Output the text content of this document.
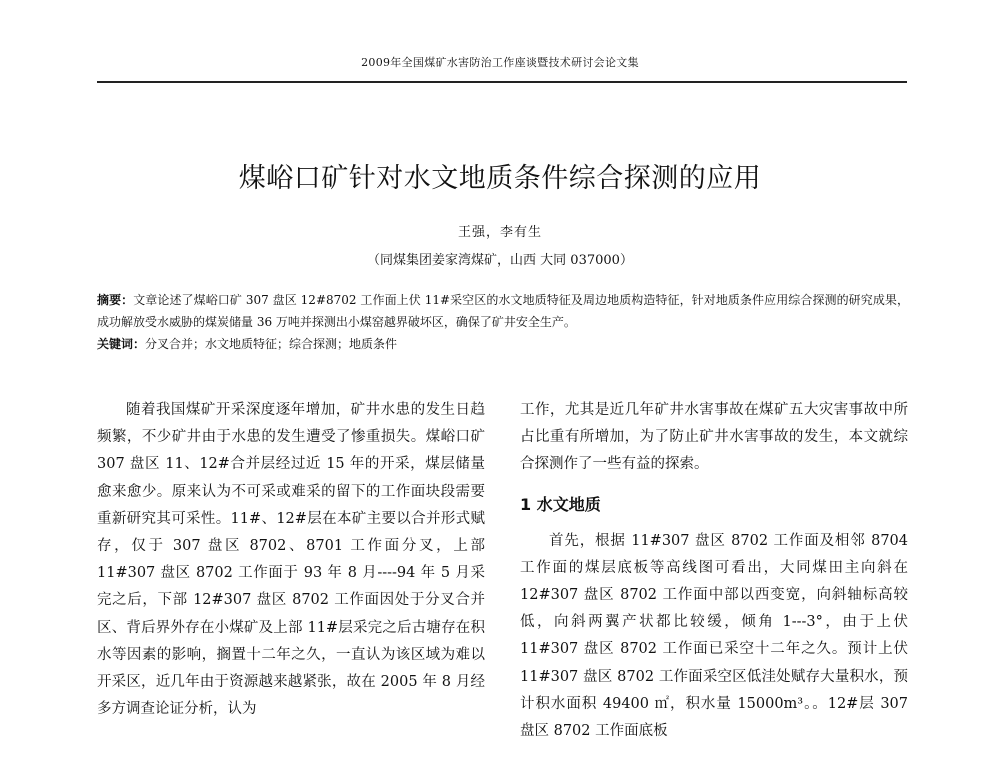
2009年全国煤矿水害防治工作座谈暨技术研讨会论文集
煤峪口矿针对水文地质条件综合探测的应用
王强，李有生
（同煤集团姜家湾煤矿，山西 大同 037000）

摘要：文章论述了煤峪口矿 307 盘区 12#8702 工作面上伏 11#采空区的水文地质特征及周边地质构造特征，针对地质条件应用综合探测的研究成果，成功解放受水威胁的煤炭储量 36 万吨并探测出小煤窑越界破坏区，确保了矿井安全生产。

关键词：分叉合并；水文地质特征；综合探测；地质条件

随着我国煤矿开采深度逐年增加，矿井水患的发生日趋频繁，不少矿井由于水患的发生遭受了惨重损失。煤峪口矿 307 盘区 11、12#合并层经过近 15 年的开采，煤层储量愈来愈少。原来认为不可采或难采的留下的工作面块段需要重新研究其可采性。11#、12#层在本矿主要以合并形式赋存，仅于 307 盘区 8702、8701 工作面分叉，上部 11#307 盘区 8702 工作面于 93 年 8 月----94 年 5 月采完之后，下部 12#307 盘区 8702 工作面因处于分叉合并区、背后界外存在小煤矿及上部 11#层采完之后古塘存在积水等因素的影响，搁置十二年之久，一直认为该区域为难以开采区，近几年由于资源越来越紧张，故在 2005 年 8 月经多方调查论证分析，认为

工作，尤其是近几年矿井水害事故在煤矿五大灾害事故中所占比重有所增加，为了防止矿井水害事故的发生，本文就综合探测作了一些有益的探索。

1 水文地质

首先，根据 11#307 盘区 8702 工作面及相邻 8704 工作面的煤层底板等高线图可看出，大同煤田主向斜在 12#307 盘区 8702 工作面中部以西变宽，向斜轴标高较低，向斜两翼产状都比较缓，倾角 1---3°，由于上伏 11#307 盘区 8702 工作面已采空十二年之久。预计上伏 11#307 盘区 8702 工作面采空区低洼处赋存大量积水，预计积水面积 49400 ㎡，积水量 15000m³。。12#层 307 盘区 8702 工作面底板
